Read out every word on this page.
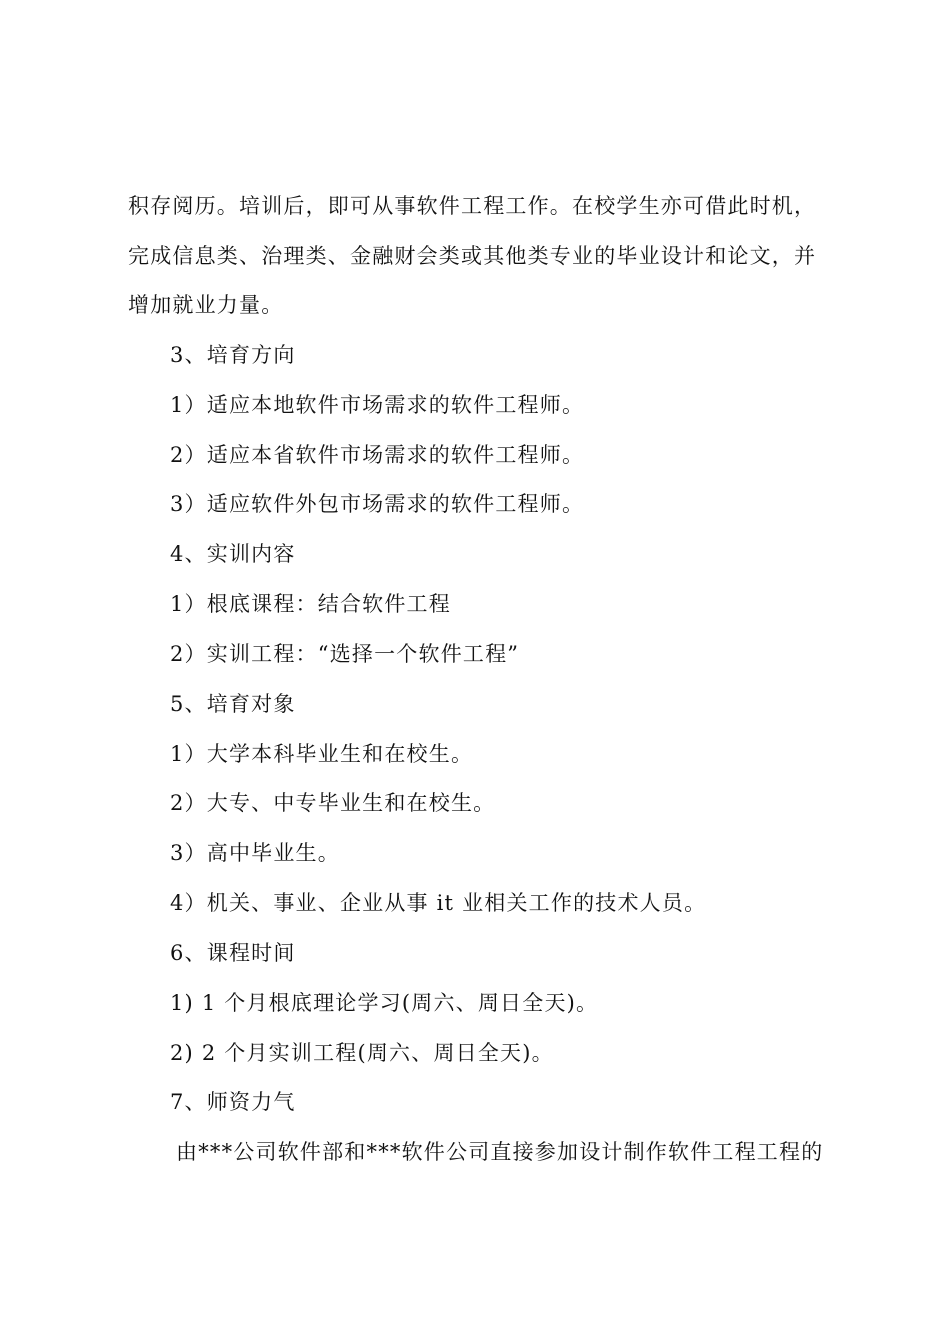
积存阅历。培训后，即可从事软件工程工作。在校学生亦可借此时机，
完成信息类、治理类、金融财会类或其他类专业的毕业设计和论文，并
增加就业力量。
3、培育方向
1）适应本地软件市场需求的软件工程师。
2）适应本省软件市场需求的软件工程师。
3）适应软件外包市场需求的软件工程师。
4、实训内容
1）根底课程：结合软件工程
2）实训工程：“选择一个软件工程”
5、培育对象
1）大学本科毕业生和在校生。
2）大专、中专毕业生和在校生。
3）高中毕业生。
4）机关、事业、企业从事 it 业相关工作的技术人员。
6、课程时间
1) 1 个月根底理论学习(周六、周日全天)。
2) 2 个月实训工程(周六、周日全天)。
7、师资力气
由***公司软件部和***软件公司直接参加设计制作软件工程工程的
